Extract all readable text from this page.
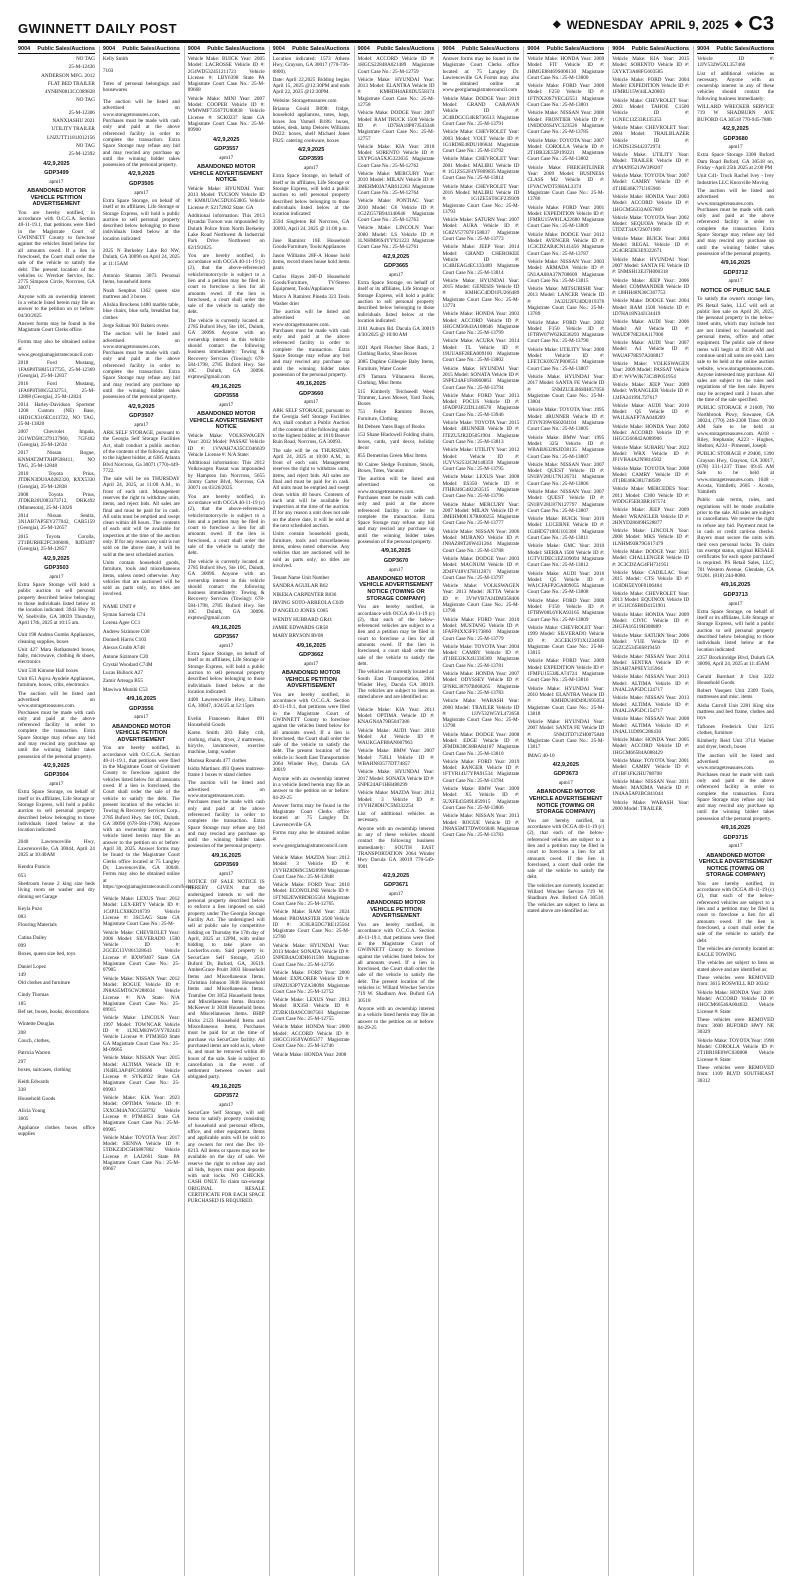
GWINNETT DAILY POST	◆ WEDNESDAY APRIL 9, 2025 ◆ C3
9004 Public Sales/Auctions

NO TAG

25-M-12436

ANDERSON MFG. 2012

FLAT BED TRAILER

4YNBN0813CC089828

NO TAG

25-M-12306

NANXIASHU 2021

UTILITY TRAILER

LNZUTT1181J012156

NO TAG

25-M-12392

4/2,9,2025

GDP3499

apm17

ABANDONED MOTOR VEHICLE PETITION ADVERTISEMENT

You are hereby notified, in accordance with O.C.G.A. Section 40-11-19.1, that petitions were filed in the Magistrate Court of GWINNETT County to foreclose against the vehicles listed below for all amounts owed. If a lien is foreclosed, the Court shall order the sale of the vehicle to satisfy the debt. The present location of the vehicles is: Wrecker Service, Inc. 2775 Simpson Circle, Norcross, GA 30071

Anyone with an ownership interest in a vehicle listed herein may file an answer to the petition on or before: 04/30/2025

Answer forms may be found in the Magistrate Court Clerks office.

Forms may also be obtained online at www.georgiamagistratecouncil.com

2018 Ford Mustang, 1FA6P8TH8J5137725, 25-M-12369 (Georgia), 25-M-12837

2016 Ford Mustang, 1FA6P8TH6G5232751, 25-M-12868 (Georgia), 25-M-12824

2014 Harley-Davidson Sportster 1200 Custom (NE) Base, 1HD1CX316EC413722, NO TAG, 25-M-13820

2007 Chevrolet Impala, 2G1WD58C379137960, 7GF402 (Georgia), 25-M-12634

2017 Nissan Rogue, KNMAT2MTXHP598411, NO TAG, 25-M-12848

2010 Toyota Prius, JTDKN3DU0A0282320, RXX5330 (Georgia), 25-M-12838

2008 Toyota Prius, JTDKB20U083373712, DRK492 (Minnesota), 25-M-13026

2014 Nissan Sentra, 3N1AB7AP5EY277042, CAR5159 (Georgia), 25-M-12657

2015 Toyota Corolla, 2T1BURHE2FC306688, RJD3497 (Georgia), 25-M-12857

4/2,9,2025

GDP3503

apm17

Extra Space Storage will hold a public auction to sell personal property described below belonging to those individuals listed below at the location indicated: 3943 Hwy 78 W, Snellville, GA 30039 Thursday, April 17th, 2025 at 10:15 am.

Unit 198 Andrea Gumbs Appliances, cleaning supplies, boxes

Unit 427 Mara Rothamsted boxes, baby, microwave, clothing & shoes, electronics

Unit 530 Kimone Hall boxes

Unit 651 Aqiva Ayodele Appliances, furniture, boxes, cribs, electronics

The auction will be listed and advertised on www.storagetreasures.com. Purchases must be made with cash only and paid at the above referenced facility in order to complete the transaction. Extra Space Storage may refuse any bid and may rescind any purchase up until the winning bidder takes possession of the personal property.

4/2,9,2025

GDP3504

apm17

Extra Space Storage, on behalf of itself or its affiliates, Life Storage or Storage Express, will hold a public auction to sell personal property described below belonging to those individuals listed below at the location indicated:

2040 Lawrenceville Hwy, Lawrenceville, GA 30044, April 24 2025 at 10:40AM

Kendra Francis

053

Shedroom house 2 king size beds living room set washer and dry dinning set Garage

Keyla Pozo

083

Flooring Materials

Catina Dailey

099

Boxes, queen size bed, toys

Daniel Lopez

149

Old clothes and furniture

Cindy Thomas

185

Bef set, boxes, books, decorations

Wintette Douglas

208

Couch, clothes,

Patricia Warren

297

boxes, suitcases, clothing

Keith Edwards

338

Household Goods

Alicia Young

3605

Appliance clothes boxes office supplies

9004 Public Sales/Auctions

Kelly Smith

7103

Totes of personal belongings and housewares

The auction will be listed and advertised on www.storagetreasures.com. Purchases must be made with cash only and paid at the above referenced facility in order to complete the transaction. Extra Space Storage may refuse any bid and may rescind any purchase up until the winning bidder takes possession of the personal property.

4/2,9,2025

GDP3505

apm17

Extra Space Storage, on behalf of itself or its affiliates, Life Storage or Storage Express, will hold a public auction to sell personal property described below belonging to those individuals listed below at the location indicated:

2025 N Berkeley Lake Rd NW, Duluth, GA 30096 on April 24, 2025 at 11:15AM

Antonio Stanton 3073 Personal Items, household items

Noah Senphus 1362 queen size mattress and 3 boxes

Alishia Brockens 1480 marble table, blue chairs, blue sofa, breakfast bar, clothes

Jorge Salinas 901 Bakers ovens

The auction will be listed and advertised on www.storagetreasures.com. Purchases must be made with cash only and paid at the above referenced facility in order to complete the transaction. Extra Space Storage may refuse any bid and may rescind any purchase up until the winning bidder takes possession of the personal property.

4/2,9,2025

GDP3507

apm17

ARK SELF STORAGE, pursuant to the Georgia Self Storage Facilities Act, shall conduct a public auction of the contents of the following units to the highest bidder, at 6385 Atlanta Blvd Norcross, Ga 30071 (770)-449-7722.

The sale will be on THURSDAY April 24, 2025, at 11:00 A.M., in front of each unit. Management reserves the right to withdraw units, items, and reject bids. All sales are final and must be paid for in cash. All units must be emptied and swept clean within 48 hours. The contents of each unit will be available for inspection at the time of the auction only. If for any reason any unit is not sold on the above date, it will be sold at the next scheduled auction.

Units contain household goods, furniture, tools and miscellaneous items, unless noted otherwise. Any vehicles that are auctioned will be sold as parts only, no titles are involved.

NAME UNIT #

Syman Sarveda C74

Lorena Agee CC1

Andrew Sizimore C08

Donnell Harris C103

Alexus Grubb A748

Antone Sizimore C20

Crystal Woodard C74M

Lucas Bullock A27

Zamir Arteaga B55

Mawiwa Mumbi C53

4/9,16,2025

GDP3556

apm17

ABANDONED MOTOR VEHICLE PETITION ADVERTISEMENT

You are hereby notified, in accordance with O.C.G.A. Section 40-11-19.1, that petitions were filed in the Magistrate Court of Gwinnett County to foreclose against the vehicles listed below for all amounts owed. If a lien is foreclosed, the Court shall order the sale of the vehicle to satisfy the debt. The present location of the vehicles is: Towing & Recovery Services Corp., 2785 Buford Hwy. Ste 10C, Duluth, GA 30096 (678-584-1798). Anyone with an ownership interest in a vehicle listed herein may file an answer to the petition on or before: April 30, 2025. Answer forms may be found in the Magistrate Court Clerks office located at 75 Langley Dr, Lawrenceville, GA 30046. Forms may also be obtained online at https://georgiamagistratecouncil.com/forms.

Vehicle Make: LEXUS Year: 2012 Model: LEX-ERTY Vehicle ID #: 1C4PJLCX8KD18739 Vehicle License #: 3SC5AG State GA Magistrate Court Case No.: 25-M-

Vehicle Make: CHEVROLET Year: 2006 Model: SILVERADO 1500 Vehicle ID #: 2GCEC13V861328643 Vehicle License #: RXW9407 State GA Magistrate Court Case No.: 25-07905

Vehicle Make: NISSAN Year: 2012 Model: ROGUE Vehicle ID #: JN8AS5MT6CW288034 Vehicle License #: N/A State: N/A Magistrate Court Case No.: 25-09915

Vehicle Make: LINCOLN Year: 1997 Model: TOWNCAR Vehicle ID #: 1LNLM83W5VY702443 Vehicle License #: PTM3850 State GA Magistrate Court Case No.: 25-M-09665

Vehicle Make: NISSAN Year: 2015 Model: ALTIMA Vehicle ID #: 1N4BL3AP4FC166066 Vehicle License #: SYK4632 State GA Magistrate Court Case No.: 25-09903

Vehicle Make: KIA Year: 2023 Model: OPTIMA Vehicle ID #: 5XXGM4A70CG558792 Vehicle License #: PTM4853 State GA Magistrate Court Case No.: 25-M-09905

Vehicle Make: TOYOTA Year: 2017 Model: SIENNA Vehicle ID #: 5TDKZ3DC5HS887802 Vehicle License #: LAJ2661 State PA Magistrate Court Case No.: 25-M-09667

9004 Public Sales/Auctions

Vehicle Make: BUICK Year: 2005 Model: LACROSSE Vehicle ID #: 2G4WD532451211721 Vehicle License #: LBY6398 State PA Magistrate Court Case No.: 25-M-09668

Vehicle Make: MINI Year: 2007 Model: COOPER Vehicle ID #: WMWMF73567TU80838 Vehicle License #: SCK0237 State GA Magistrate Court Case No.: 25-M-09900

4/2,9,2025

GDP3557

apm17

ABANDONED MOTOR VEHICLE ADVERTISEMENT NOTICE

Vehicle Make: HYUNDAI Year: 2013 Model: TUCSON Vehicle ID #: KM8JU3AC5DU653805 Vehicle License #: S2172602 State: GA

Additional information: This 2013 Hyundai Tucson was impounded by Duluth Police from North Berkeley Lake Road Northwest & Industrial Park Drive Northwest on 02/19/2025.

You are hereby notified, in accordance with OCGA 40-11-19 (c) (2), that the above-referenced vehicle/motorcycle is subject to a lien and a petition may be filed in court to foreclose a lien for all amounts owed. If the lien is foreclosed, a court shall order the sale of the vehicle to satisfy the debt.

The vehicle is currently located at: 2785 Buford Hwy, Ste 10C, Duluth, GA 30096. Anyone with an ownership interest in this vehicle should contact the following business immediately: Towing & Recovery Services (Towing): 678-584-1798, 2785 Buford Hwy. Ste 10C Duluth, GA 30096. exptow@gmail.com

4/9,16,2025

GDP3558

apm17

ABANDONED MOTOR VEHICLE ADVERTISEMENT NOTICE

Vehicle Make: VOLKSWAGEN Year: 2012 Model: PASSAT Vehicle ID #: 1VWAH7A35CC046639 Vehicle License #: N/A State:

Additional information: This 2012 Volkswagen Passat was impounded by Hampton Inn Norcross, 5655 Jimmy Carter Blvd, Norcross, GA 30071 on 03/26/2025.

You are hereby notified, in accordance with OCGA 40-11-19 (c) (2), that the above-referenced vehicle/motorcycle is subject to a lien and a petition may be filed in court to foreclose a lien for all amounts owed. If the lien is foreclosed, a court shall order the sale of the vehicle to satisfy the debt.

The vehicle is currently located at: 2785 Buford Hwy, Ste 10C, Duluth, GA 30096. Anyone with an ownership interest in this vehicle should contact the following business immediately: Towing & Recovery Services (Towing): 678-584-1798, 2785 Buford Hwy. Ste 10C Duluth, GA 30096. exptow@gmail.com

4/9,16,2025

GDP3567

apm17

Extra Space Storage, on behalf of itself or its affiliates, Life Storage or Storage Express, will hold a public auction to sell personal property described below belonging to those individuals listed below at the location indicated:

4400 Lawrenceville Hwy, Lilburn GA, 30047, 4/24/25 at 12:15pm

Evelin Francesen Baker 091 Household Goods

Karen Smith 283 Baby crib, clothing, chairs, dryer, 2 mattresses, bicycle, lawnmower, exercise machine, lamp, washer

Marissa Rounds 477 clothes

Isidra Martinez 493 Queen mattress-frame 1 boxes tv stand clothes

The auction will be listed and advertised on www.storagetreasures.com. Purchases must be made with cash only and paid at the above referenced facility in order to complete the transaction. Extra Space Storage may refuse any bid and may rescind any purchase up until the winning bidder takes possession of the personal property.

4/9,16,2025

GDP3569

apm17

NOTICE OF SALE NOTICE IS HEREBY GIVEN that the undersigned intends to sell the personal property described below to enforce a lien imposed on said property under The Georgia Storage Facility Act. The undersigned will sell at public sale by competitive bidding on Thursday the 17th day of April, 2025 at 12PM, with online bidding to take place on Lockerfox.com. Said property is: SecurCare Self Storage, 2510 Buford Dr, Buford, GA, 30519. AmberGrace Pruitt 3003 Household Items and Miscellaneous Items. Christina Johnson 3046 Household Items and Miscellaneous Items. Tramilee Orr 3052 Household Items and Miscellaneous Items. Braxton McKeever Jr 3038 Household Items and Miscellaneous Items. BHIP Hicks 2123 Household Items and Miscellaneous Items. Purchases must be paid for at the time of purchase via SecurCare facility. All purchased items are sold as is, where is, and must be removed within 48 hours of the sale. Sale is subject to cancellation in the event of settlement between owner and obligated party.

4/9,16,2025

GDP3572

apm17

SecurCare Self Storage, will sell items to satisfy property consisting of household and personal effects, office, and other equipment. Items and applicable units will be sold to any owners for rent due Dec 10-6213. All items or spaces may not be available on the day of sale. We reserve the right to refuse any and all bids, buyers must post deposits with unit locks. NO CHECKS. CASH ONLY. To claim tax-exempt ORIGINAL RESALE CERTIFICATE FOR EACH SPACE PURCHASED IS REQUIRED.

9004 Public Sales/Auctions

Location indicated: 1573 Athens Hwy, Grayson, GA 30017 (770-736-0800).

Date: April 22,2025 Bidding begins April 15, 2025 @12:30PM and ends April 22, 2025 @12:30PM.

Website: Storagetreasures.com

Brianna Gould B098: fridge, household appliances, totes, bags, boxes Jon Varnell B186: boxes, tables, desk, lamp Delores Williams D022: boxes, shelf Michael Jones F025: catering cookware, boxes

4/2,9,2025

GDP3595

apm17

Extra Space Storage, on behalf of itself or its affiliates, Life Storage or Storage Express, will hold a public auction to sell personal property described below belonging to those individuals listed below at the location indicated:

3594 Singleton Rd Norcross, GA 30093, April 24, 2025 @ 11:00 p.m.

Jose Ramirez 16E Household Goods/Furniture, Tools/Appliances

Jason Williams 28F-A House hold items, record shoes house hold items pants

Carlos Hayes 28F-D Household Goods/Furniture, TV/Stereo Equipment, Tools/Appliances

Marco A Ramirez Pineda 323 Tools Washer drier

The auction will be listed and advertised on www.storagetreasures.com. Purchases must be made with cash only and paid at the above referenced facility in order to complete the transaction. Extra Space Storage may refuse any bid and may rescind any purchase up until the winning bidder takes possession of the personal property.

4/9,16,2025

GDP3660

apm17

ARK SELF STORAGE, pursuant to the Georgia Self Storage Facilities Act, shall conduct a Public Auction of the contents of the following units to the highest bidder, at 1610 Beaver Ruin Road, Norcross, GA 30093.

The sale will be on THURSDAY, April 24, 2025 at 10:00 A.M., in front of each unit. Management reserves the right to withdraw units, items, and reject bids. All sales are final and must be paid for in cash. All units must be emptied and swept clean within 48 hours. Contents of each unit will be available for inspection at the time of the auction. If for any reason a unit does not sale on the above date, it will be sold at the next scheduled auction.

Units contain household goods, furniture, tools and miscellaneous items, unless noted otherwise. Any vehicles that are auctioned will be sold as parts only, no titles are involved.

Tenant Name Unit Number

SANDRA AGUILAR B62

NIKEKA CARPENTER B036

IRVING SOTO-ARREOLA C039

D'ANGELO JONES C085

WENDY HUBBARD GR41

JAMIE EDWARDS GR58

MARY BRYSON RV08

4/9,16,2025

GDP3662

apm17

ABANDONED MOTOR VEHICLE PETITION ADVERTISEMENT

You are hereby notified, in accordance with O.C.G.A. Section 40-11-19.1, that petitions were filed in the Magistrate Court of GWINNETT County to foreclose against the vehicles listed below for all amounts owed. If a lien is foreclosed, the Court shall order the sale of the vehicle to satisfy the debt. The present location of the vehicle is: South East Transportation 2064 Winder Hwy, Dacula GA 30019

Anyone with an ownership interest in a vehicle listed herein may file an answer to the petition on or before: 04-29-25

Answer forms may be found in the Magistrate Court Clerks office located at: 75 Langley Dr. Lawrenceville GA

Forms may also be obtained online at www.georgiamagistratecouncil.com

Vehicle Make: MAZDA Year: 2012 Model: 3 Vehicle ID #: 1YVHZ8DH9C5M28998 Magistrate Court Case No.: 25-M-12848

Vehicle Make: FORD Year: 2010 Model: ECONOLINE Vehicle ID #: 1FTNE2EW8BDB35564 Magistrate Court Case No.: 25-M-12765

Vehicle Make: RAM Year: 2024 Model: PROMASTER 2500 Vehicle ID #: 3C6LR5DG7RE125564 Magistrate Court Case No.: 25-M-12760

Vehicle Make: HYUNDAI Year: 2013 Model: SONATA Vehicle ID #: 5NPEB4AC0DH611598 Magistrate Court Case No.: 25-M-12756

Vehicle Make: FORD Year: 2000 Model: EXPLORER Vehicle ID #: 1FMZU63P7YZA38098 Magistrate Court Case No.: 25-M-12752

Vehicle Make: LEXUS Year: 2012 Model: RX350 Vehicle ID #: 2T2BK1BA9CC087503 Magistrate Court Case No.: 25-M-12755

Vehicle Make: HONDA Year: 2000 Model: ACCORD Vehicle ID #: 1HGCG1659YA095377 Magistrate Court Case No.: 25-M-12746

Vehicle Make: HONDA Year: 2008

9004 Public Sales/Auctions

Model: ACCORD Vehicle ID #: 1HGCS22848A021489 Magistrate Court Case No.: 25-M-12759

Vehicle Make: HYUNDAI Year: 2013 Model: ELANTRA Vehicle ID #: KMHDH4AE0DU558374 Magistrate Court Case No.: 25-M-12758

Vehicle Make: DODGE Year: 2007 Model: RAM TRUCK 1500 Vehicle ID #: 1D7HA18P87J543346 Magistrate Court Case No.: 25-M-12757

Vehicle Make: KIA Year: 2018 Model: SORENTO Vehicle ID #: 5XYPG4A5XJG323035 Magistrate Court Case No.: 25-M-12762

Vehicle Make: MERCURY Year: 2010 Model: MILAN Vehicle ID #: 3MEHM0JA7AR612263 Magistrate Court Case No.: 25-M-12764

Vehicle Make: PONTIAC Year: 2010 Model: G6 Vehicle ID #: 1G2ZG57B944140646 Magistrate Court Case No.: 25-M-12763

Vehicle Make: LINCOLN Year: 2000 Model: LS Vehicle ID #: 1LNHM86S4YY921223 Magistrate Court Case No.: 25-M-12761

4/2,9,2025

GDP3665

apm17

Extra Space Storage, on behalf of itself or its affiliates, Life Storage or Storage Express, will hold a public auction to sell personal property described below belonging to those individuals listed below at the location indicated:

3161 Auburn Rd. Dacula GA 30019 4/30/2025 @ 10:00 AM

1021 April Fletcher Shoe Rack, 2 Clothing Racks, Shoe Boxes

3085 Daphne Gillespie Baby Items, Furniture, Water Cooler

479 Tamara Villanueva Boxes, Clothing, Misc Items

515 Kimberly Teichseedl Weed Trimmer, Lawn Mower, Yard Tools, Boxes

751 Felice Ramirez Boxes, Furniture, Clothing

B4 Debsen Yates Bags of Books

153 Shane Blackwell Folding chairs, boxes, cards, yard decor, holiday decor

855 Demetrius Green Misc Items

90 Cairee Sledge Furniture, Stools, Boxes, Totes, Vacuum

The auction will be listed and advertised on www.storagetreasures.com. Purchases must be made with cash only and paid at the above referenced facility in order to complete the transaction. Extra Space Storage may refuse any bid and may rescind any purchase up until the winning bidder takes possession of the personal property.

4/9,16,2025

GDP3670

apm17

ABANDONED MOTOR VEHICLE ADVERTISEMENT NOTICE (TOWING OR STORAGE COMPANY)

You are hereby notified, in accordance with OCGA 40-11-19 (c) (2), that each of the below-referenced vehicles are subject to a lien and a petition may be filed in court to foreclose a lien for all amounts owed. If the lien is foreclosed, a court shall order the sale of the vehicle to satisfy the debt.

The vehicles are currently located at: South East Transportation, 2064 Winder Hwy, Dacula GA 30019. The vehicles are subject to liens as stated above and are identified as:

Vehicle Make: KIA Year: 2011 Model: OPTIMA Vehicle ID #: KNAGN4A79B5047386

Vehicle Make: AUDI Year: 2010 Model: A4 Vehicle ID #: WAUKGAFB8AN007963

Vehicle Make: BMW Year: 2007 Model: 750LI Vehicle ID #: WBAHN83577DT74857

Vehicle Make: HYUNDAI Year: 2017 Model: SONATA Vehicle ID #: 5NPE24AF1HH488299

Vehicle Make: MAZDA Year: 2012 Model: 3 Vehicle ID #: 1YVHZ8DH7C5M332254

List of additional vehicles as necessary.

Anyone with an ownership interest in any of these vehicles should contact the following business immediately: SOUTH EAST TRANSPORTATION 2064 Winder Hwy Dacula GA 30019 770-549-9901

4/2,9,2025

GDP3671

apm17

ABANDONED MOTOR VEHICLE PETITION ADVERTISEMENT

You are hereby notified, in accordance with O.C.G.A. Section 40-11-19.1, that petitions were filed in the Magistrate Court of GWINNETT County to foreclose against the vehicles listed below for all amounts owed. If a lien is foreclosed, the Court shall order the sale of the vehicle to satisfy the debt. The present location of the vehicles is: Willard Wrecker Service 719 W. Shadburn Ave. Buford GA 30518

Anyone with an ownership interest in a vehicle listed herein may file an answer to the petition on or before: 04-29-25

9004 Public Sales/Auctions

Answer forms may be found in the Magistrate Court Clerks office located at: 75 Langley Dr. Lawrenceville GA Forms may also be obtained online at www.georgiamagistratecouncil.com

Vehicle Make: DODGE Year: 2019 Model: GRAND CARAVAN Vehicle ID #: 2C4RDGCG4KR736513 Magistrate Court Case No.: 25-M-13791

Vehicle Make: CHEVROLET Year: 2003 Model: VOLT Vehicle ID #: 1G1RD6E48DU106844 Magistrate Court Case No.: 25-M-13792

Vehicle Make: CHEVROLET Year: 2001 Model: MALIBU Vehicle ID #: 1G1ZS52F4YF809835 Magistrate Court Case No.: 25-M-13814

Vehicle Make: CHEVROLET Year: 2016 Model: MALIBU Vehicle ID #: 1G1ZE5ST6GF239309 Magistrate Court Case No.: 25-M-13793

Vehicle Make: SATURN Year: 2007 Model: AURA Vehicle ID #: 1G8ZV57787F158837 Magistrate Court Case No.: 25-M-13773

Vehicle Make: JEEP Year: 2014 Model: GRAND CHEROKEE Vehicle ID #: 1C4RJEAG4EC133489 Magistrate Court Case No.: 25-M-13814

Vehicle Make: HYUNDAI Year: 2015 Model: GENESIS Vehicle ID #: KMHGC4DD1FU266489 Magistrate Court Case No.: 25-M-13774

Vehicle Make: HONDA Year: 2003 Model: ACCORD Vehicle ID #: 1HGCM56643A108646 Magistrate Court Case No.: 25-M-13799

Vehicle Make: ACURA Year: 2014 Model: TL Vehicle ID #: 19UUA8F28EA009160 Magistrate Court Case No.: 25-M-13802

Vehicle Make: HYUNDAI Year: 2015 Model: SONATA Vehicle ID #: 5NPE24AF1FH060863 Magistrate Court Case No.: 25-M-13794

Vehicle Make: FORD Year: 2013 Model: FOCUS Vehicle ID #: 1FADP3F22DL146578 Magistrate Court Case No.: 25-M-13946

Vehicle Make: TOYOTA Year: 2015 Model: 4RUNNER Vehicle ID #: JTEZU5JR2D5051904 Magistrate Court Case No.: 25-M-13813

Vehicle Make: UTILITY Year: 2012 Model: Vehicle ID #: 1UYVS2532CM148359 Magistrate Court Case No.: 25-M-13795

Vehicle Make: LEXUS Year: 2008 Model: ES350 Vehicle ID #: JTHBJ46G482263515 Magistrate Court Case No.: 25-M-13796

Vehicle Make: MERCURY Year: 2007 Model: MILAN Vehicle ID #: 3MEHM081X7R600255 Magistrate Court Case No.: 25-M-13777

Vehicle Make: NISSAN Year: 2006 Model: MURANO Vehicle ID #: JN8AZ08T26W431264 Magistrate Court Case No.: 25-M-13788

Vehicle Make: DODGE Year: 2003 Model: MAGNUM Vehicle ID #: 2D4FV48V47H112871 Magistrate Court Case No.: 25-M-13797

Vehicle Make: VOLKSWAGEN Year: 2013 Model: JETTA Vehicle ID #: 3VWVB7AJ4DM358406 Magistrate Court Case No.: 25-M-13798

Vehicle Make: FORD Year: 2010 Model: MUSTANG Vehicle ID #: 1FAFP4XX3FF173860 Magistrate Court Case No.: 25-M-13779

Vehicle Make: TOYOTA Year: 2004 Model: CAMRY Vehicle ID #: 4T1BE32KX4U336369 Magistrate Court Case No.: 25-M-13781

Vehicle Make: HONDA Year: 2007 Model: ODYSSEY Vehicle ID #: 5FNRL38797B068265 Magistrate Court Case No.: 25-M-13783

Vehicle Make: WABASH Year: 2000 Model: TRAILER Vehicle ID #: 1JJV532W5YL472658 Magistrate Court Case No.: 25-M-13798

Vehicle Make: DODGE Year: 2008 Model: EDGE Vehicle ID #: 2FMDK38C68BA84187 Magistrate Court Case No.: 25-M-13810

Vehicle Make: FORD Year: 2019 Model: RANGER Vehicle ID #: 1FTYR14U7YPA91534 Magistrate Court Case No.: 25-M-13784

Vehicle Make: BMW Year: 2009 Model: X5 Vehicle ID #: 5UXFE43589L059915 Magistrate Court Case No.: 25-M-13806

Vehicle Make: NISSAN Year: 2013 Model: ROGUE Vehicle ID #: JN8AS5MT7DW016848 Magistrate Court Case No.: 25-M-13783

9004 Public Sales/Auctions

Vehicle Make: HONDA Year: 2009 Model: FIT Vehicle ID #: JHMGE88469S006130 Magistrate Court Case No.: 25-M-13800

Vehicle Make: FORD Year: 2000 Model: F250 Vehicle ID #: 1FTNX20S7YEC42551 Magistrate Court Case No.: 25-M-13801

Vehicle Make: NISSAN Year: 2000 Model: FRONTIER Vehicle ID #: 1N6DD26S4YC323526 Magistrate Court Case No.: 25-M-13785

Vehicle Make: TOYOTA Year: 2007 Model: COROLLA Vehicle ID #: 2T1BR32E55P199221 Magistrate Court Case No.: 25-M-13802

Vehicle Make: FREIGHTLINER Year: 2009 Model: BUSINESS CLASS M2 Vehicle ID #: 1FVACWDT59HAL3374 Magistrate Court Case No.: 25-M-13786

Vehicle Make: FORD Year: 2001 Model: EXPEDITION Vehicle ID #: 1FMRU15W81LA22680 Magistrate Court Case No.: 25-M-13809

Vehicle Make: DODGE Year: 2012 Model: AVENGER Vehicle ID #: 1C3CDZAB4CN141456 Magistrate Court Case No.: 25-M-13787

Vehicle Make: NISSAN Year: 2003 Model: ARMADA Vehicle ID #: 5N1AA08A37N708609 Magistrate Court Case No.: 25-M-13815

Vehicle Make: MITSUBISHI Year: 2013 Model: LANCER Vehicle ID #: JA32U2FU4DU019376 Magistrate Court Case No.: 25-M-13789

Vehicle Make: FORD Year: 2002 Model: F150 Vehicle ID #: 1FTRW07W62KE36293 Magistrate Court Case No.: 25-M-13790

Vehicle Make: UTILITY Year: 2000 Model: Vehicle ID #: LFETCK0X5YP000551 Magistrate Court Case No.: 25-M-13807

Vehicle Make: HYUNDAI Year: 2017 Model: SANTA FE Vehicle ID #: 5NMZU3LB6HH057056 Magistrate Court Case No.: 25-M-13804

Vehicle Make: TOYOTA Year: 1995 Model: 4RUNNER Vehicle ID #: JT3VN39W6S0204104 Magistrate Court Case No.: 25-M-13805

Vehicle Make: BMW Year: 1995 Model: 325i Vehicle ID #: WBABJ6328SJD38135 Magistrate Court Case No.: 25-M-13807

Vehicle Make: NISSAN Year: 2007 Model: QUEST Vehicle ID #: 5N1BV28U17N126731 Magistrate Court Case No.: 25-M-13806

Vehicle Make: NISSAN Year: 2007 Model: QUEST Vehicle ID #: 5N1BV28U87N127797 Magistrate Court Case No.: 25-M-13807

Vehicle Make: BUICK Year: 2010 Model: LUCERNE Vehicle ID #: 1G4HD57180U101308 Magistrate Court Case No.: 25-M-13811

Vehicle Make: GMC Year: 2010 Model: SIERRA 1500 Vehicle ID #: 1GTVUDEC1EZ109094 Magistrate Court Case No.: 25-M-13812

Vehicle Make: AUDI Year: 2016 Model: Q5 Vehicle ID #: WA1CFAFP2GA009055 Magistrate Court Case No.: 25-M-13808

Vehicle Make: FORD Year: 2000 Model: F150 Vehicle ID #: 1FTRW08L6YKA93165 Magistrate Court Case No.: 25-M-13809

Vehicle Make: CHEVROLET Year: 1999 Model: SILVERADO Vehicle ID #: 2GCEK19T1X1234830 Magistrate Court Case No.: 25-M-13815

Vehicle Make: FORD Year: 2009 Model: EXPEDITION Vehicle ID #: 1FMFU15538LA74724 Magistrate Court Case No.: 25-M-13816

Vehicle Make: HYUNDAI Year: 2010 Model: ELANTRA Vehicle ID #: KMHDU46D49U695054 Magistrate Court Case No.: 25-M-13818

Vehicle Make: HYUNDAI Year: 2007 Model: SANTA FE Vehicle ID #: 5NM3TD71ZH0075840 Magistrate Court Case No.: 25-M-13817

IMAG 40-10

4/2,9,2025

GDP3673

apm17

ABANDONED MOTOR VEHICLE ADVERTISEMENT NOTICE (TOWING OR STORAGE COMPANY)

You are hereby notified, in accordance with OCGA 40-11-19 (c) (2), that each of the below-referenced vehicles are subject to a lien and a petition may be filed in court to foreclose a lien for all amounts owed. If the lien is foreclosed, a court shall order the sale of the vehicle to satisfy the debt.

The vehicles are currently located at: Willard Wrecker Service 719 W. Shadburn Ave. Buford GA 30518. The vehicles are subject to liens as stated above are identified as:

9004 Public Sales/Auctions

Vehicle Make: KIA Year: 2015 Model: SORENTO Vehicle ID #: 5XYKT3A68FG603585

Vehicle Make: FORD Year: 2004 Model: EXPEDITION Vehicle ID #: 1FMRU15W44LA20803

Vehicle Make: CHEVROLET Year: 2003 Model: TAHOE C1500 Vehicle ID #: 1GNEC13Z33R135353

Vehicle Make: CHEVROLET Year: 2004 Model: TRAILBLAZER Vehicle ID #: 1GNDS13S442372974

Vehicle Make: UTILITY Year: Model: TRAILER Vehicle ID #: 4YMA99521JW3P8207

Vehicle Make: TOYOTA Year: 2007 Model: CAMRY Vehicle ID #: 4T1BE46K77U165966

Vehicle Make: HONDA Year: 2003 Model: ACCORD Vehicle ID #: 1HGCM56333A057869

Vehicle Make: TOYOTA Year: 2002 Model: SEQUOIA Vehicle ID #: 5TDZT34A72S071909

Vehicle Make: BUICK Year: 2004 Model: REGAL Vehicle ID #: 2G4GR5EK3E9322671

Vehicle Make: HYUNDAI Year: 2007 Model: SANTA FE Vehicle ID #: 5NMSH13E37H000318

Vehicle Make: JEEP Year: 2006 Model: COMMANDER Vehicle ID #: 1J8HH48N36C367753

Vehicle Make: DODGE Year: 2004 Model: RAM 1500 Vehicle ID #: 1D7HA18N34J134419

Vehicle Make: AUDI Year: 2006 Model: A8 Vehicle ID #: WAUDF78E26A117006

Vehicle Make: AUDI Year: 2007 Model: A4 Vehicle ID #: WAUAF78E97A208817

Vehicle Make: VOLKSWAGEN Year: 2009 Model: PASSAT Vehicle ID #: WVWJK73C39P051954

Vehicle Make: JEEP Year: 2009 Model: WRANGLER Vehicle ID #: 1J4FA24199L727617

Vehicle Make: AUDI Year: 2010 Model: Q5 Vehicle ID #: WA1LKAFP7AA048209

Vehicle Make: HONDA Year: 2002 Model: ACCORD Vehicle ID #: 1HGCG66842A089906

Vehicle Make: SUBARU Year: 2022 Model: WRX Vehicle ID #: JF1VBA4A2N9814502

Vehicle Make: TOYOTA Year: 2008 Model: CAMRY Vehicle ID #: 4T1BE46K38U748509

Vehicle Make: MERCEDES Year: 2011 Model: C300 Vehicle ID #: WDDGF5EB3BR167574

Vehicle Make: JEEP Year: 2009 Model: WRANGLER Vehicle ID #: 2HNYD28609H528877

Vehicle Make: LINCOLN Year: 2008 Model: MKS Vehicle ID #: 1LNHM93R79G617479

Vehicle Make: DODGE Year: 2015 Model: CHALLENGER Vehicle ID #: 2C3CDZAG4FH731951

Vehicle Make: CADILLAC Year: 2015 Model: CTS Vehicle ID #: 1G6DH5EY0F0106484

Vehicle Make: CHEVROLET Year: 2013 Model: EQUINOX Vehicle ID #: 1G1JC6SB0D4151901

Vehicle Make: HONDA Year: 2009 Model: CIVIC Vehicle ID #: 2HGFA16519H308889

Vehicle Make: SATURN Year: 2006 Model: VUE Vehicle ID #: 5GZCZ53456S819450

Vehicle Make: NISSAN Year: 2014 Model: SENTRA Vehicle ID #: 3N1AB7AP9EY315964

Vehicle Make: NISSAN Year: 2013 Model: ALTIMA Vehicle ID #: 1N4AL2AP5DC134717

Vehicle Make: NISSAN Year: 2013 Model: ALTIMA Vehicle ID #: 1N4AL2AP5DC154717

Vehicle Make: NISSAN Year: 2008 Model: ALTIMA Vehicle ID #: 1N4AL11D09C286430

Vehicle Make: HONDA Year: 2005 Model: ACCORD Vehicle ID #: 1HGCM66584A088429

Vehicle Make: TOYOTA Year: 2001 Model: CAMRY Vehicle ID #: 4T1BF1FK2HU788708

Vehicle Make: NISSAN Year: 2011 Model: MAXIMA Vehicle ID #: 1N4AA5AP2BC841044

Vehicle Make: WABASH Year: 2000 Model: TRAILER

9004 Public Sales/Auctions

Vehicle ID #: 1JJV532W5XL357466

List of additional vehicles as necessary. Anyone with an ownership interest in any of these vehicles should contact the following business immediately:

WILLARD WRECKER SERVICE 719 W SHADBURN AVE BUFORD GA 30518 770-945-7880

4/2,9,2025

GDP3680

apm17

Extra Space Storage 3300 Buford Dam Road Buford, GA 30518 on, Friday - April 25th 2025 at 2:00 PM

Unit C41- Truck Rachel Ivey - Ivey Industries LLC Knoxville Moving

The auction will be listed and advertised on www.storagetreasures.com. Purchases must be made with cash only and paid at the above referenced facility in order to complete the transaction. Extra Space Storage may refuse any bid and may rescind any purchase up until the winning bidder takes possession of the personal property.

4/9,16,2025

GDP3712

apm17

NOTICE OF PUBLIC SALE

To satisfy the owner's storage lien, PS Retail Sales, LLC will sell at public lien sale on April 28, 2025, the personal property in the below-listed units, which may include but are not limited to: household and personal items, office and other equipment. The public sale of these items will begin at 09:30 AM and continue until all units are sold. Lien sale to be held at the online auction website, www.storagetreasures.com. Anyone interested may purchase. All sales are subject to the rules and regulations of the lien sale. Buyers may be accepted until 2 hours after the time of the sale specified.

PUBLIC STORAGE # 21609, 700 Northbrook Pkwy, Suwanee, GA 30024, (770) 246-2308 Time: 09:30 AM Sale to be held at www.storagetreasures.com. A018 - Riley, Stephanie; A223 - Hughes, Shelton; A234 - Pimentel, Joseph

PUBLIC STORAGE # 29406, 1390 Grayson Hwy, Grayson, GA 30017, (678) 331-1237 Time: 09:45 AM Sale to be held at www.storagetreasures.com. 1648 - Acosta, Yamileth; 2605 - Acosta, Yamileth

Public sale terms, rules, and regulations will be made available prior to the sale. All sales are subject to cancellation. We reserve the right to refuse any bid. Payment must be in cash or credit card-no checks. Buyers must secure the units with their own personal locks. To claim tax exempt status, original RESALE certificates for each space purchased is required. PS Retail Sales, LLC, 701 Western Avenue, Glendale, CA 91201. (818) 244-8080.

4/9,16,2025

GDP3713

apm17

Extra Space Storage, on behalf of itself or its affiliates, Life Storage or Storage Express, will hold a public auction to sell personal property described below belonging to those individuals listed below at the location indicated:

2357 Brockinridge Blvd, Duluth GA 30096, April 24, 2025 at 11:45AM

Gerald Barnhart Jr Unit 3222 Household Goods

Robert Vasquez Unit 2309 Tools, mattresses and misc. items

Aisha Carroll Unit 2281 King size mattress and bed frame, clothes and toys

Tafiones Frederick Unit 3215 clothes, furniture

Kimberly Reid Unit 3714 Washer and dryer, bench, boxes

The auction will be listed and advertised on www.storagetreasures.com. Purchases must be made with cash only and paid at the above referenced facility in order to complete the transaction. Extra Space Storage may refuse any bid and may rescind any purchase up until the winning bidder takes possession of the personal property.

4/9,16,2025

GDP3715

apm17

ABANDONED MOTOR VEHICLE ADVERTISEMENT NOTICE (TOWING OR STORAGE COMPANY)

You are hereby notified, in accordance with OCGA 40-11-19 (c) (2), that each of the below-referenced vehicles are subject to a lien and a petition may be filed in court to foreclose a lien for all amounts owed. If the lien is foreclosed, a court shall order the sale of the vehicle to satisfy the debt.

The vehicles are currently located at: EAGLE TOWING

The vehicles are subject to liens as stated above and are identified as:

These vehicles were REMOVED from: 3615 ROSWELL RD 30342

Vehicle Make: HONDA Year: 2006 Model: ACCORD Vehicle ID #: 1HGCM66546A004632 Vehicle License #: State:

These vehicles were REMOVED from: 3600 BUFORD HWY NE 30329

Vehicle Make: TOYOTA Year: 1998 Model: COROLLA Vehicle ID #: 2T1BR18E0WC030808 Vehicle License #: State:

These vehicles were REMOVED from: 1109 BLVD SOUTHEAST 30312
